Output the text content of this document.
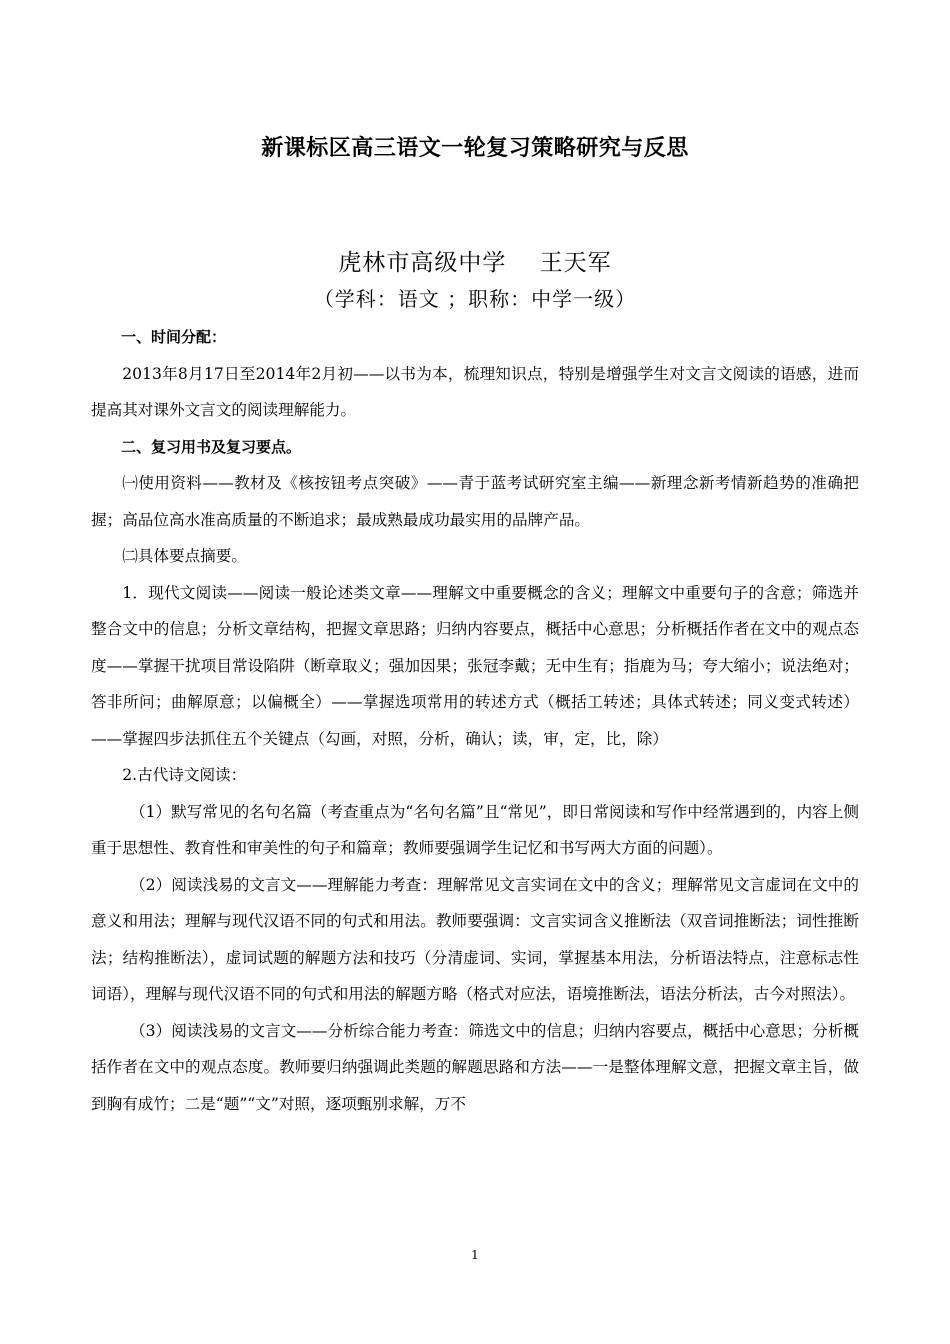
新课标区高三语文一轮复习策略研究与反思
虎林市高级中学    王天军
（学科：语文 ；职称：中学一级）

一、时间分配：

2013年8月17日至2014年2月初——以书为本，梳理知识点，特别是增强学生对文言文阅读的语感，进而提高其对课外文言文的阅读理解能力。

二、复习用书及复习要点。

㈠使用资料——教材及《核按钮考点突破》——青于蓝考试研究室主编——新理念新考情新趋势的准确把握；高品位高水准高质量的不断追求；最成熟最成功最实用的品牌产品。

㈡具体要点摘要。

1．现代文阅读——阅读一般论述类文章——理解文中重要概念的含义；理解文中重要句子的含意；筛选并整合文中的信息；分析文章结构，把握文章思路；归纳内容要点，概括中心意思；分析概括作者在文中的观点态度——掌握干扰项目常设陷阱（断章取义；强加因果；张冠李戴；无中生有；指鹿为马；夸大缩小；说法绝对；答非所问；曲解原意；以偏概全）——掌握选项常用的转述方式（概括工转述；具体式转述；同义变式转述）——掌握四步法抓住五个关键点（勾画，对照，分析，确认；读，审，定，比，除）

2.古代诗文阅读：

（1）默写常见的名句名篇（考查重点为“名句名篇”且“常见”，即日常阅读和写作中经常遇到的，内容上侧重于思想性、教育性和审美性的句子和篇章；教师要强调学生记忆和书写两大方面的问题）。

（2）阅读浅易的文言文——理解能力考查：理解常见文言实词在文中的含义；理解常见文言虚词在文中的意义和用法；理解与现代汉语不同的句式和用法。教师要强调：文言实词含义推断法（双音词推断法；词性推断法；结构推断法），虚词试题的解题方法和技巧（分清虚词、实词，掌握基本用法，分析语法特点，注意标志性词语），理解与现代汉语不同的句式和用法的解题方略（格式对应法，语境推断法，语法分析法，古今对照法）。

（3）阅读浅易的文言文——分析综合能力考查：筛选文中的信息；归纳内容要点，概括中心意思；分析概括作者在文中的观点态度。教师要归纳强调此类题的解题思路和方法——一是整体理解文意，把握文章主旨，做到胸有成竹；二是“题”“文”对照，逐项甄别求解，万不

1
